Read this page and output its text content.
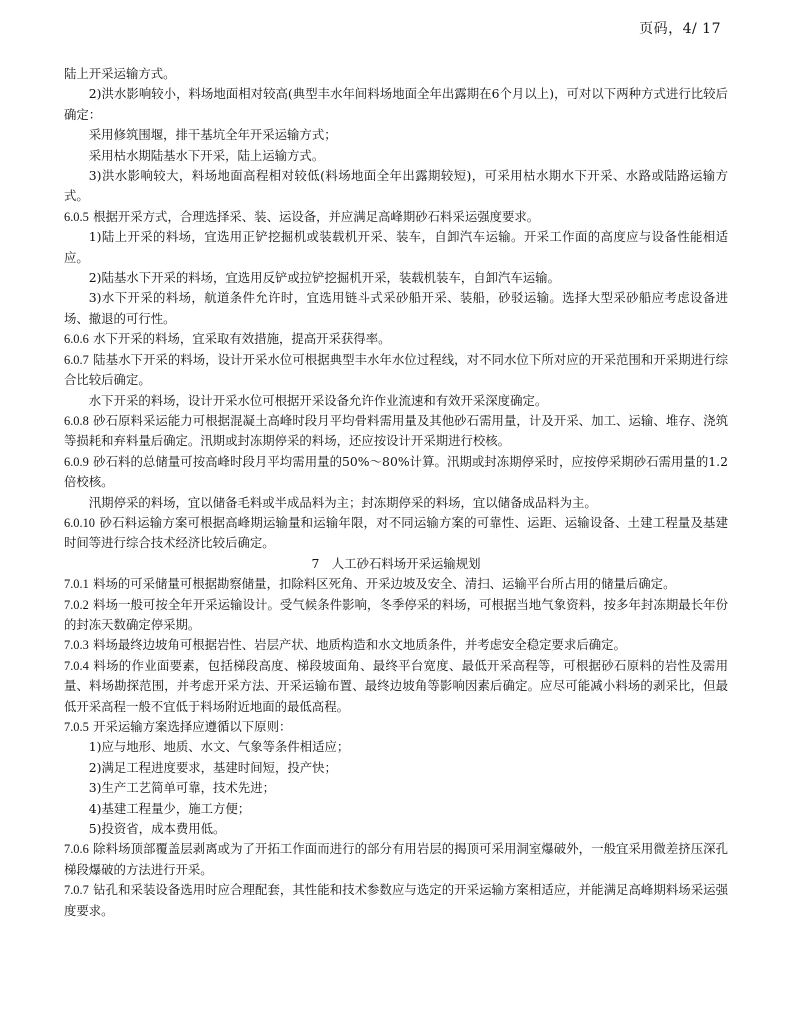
页码，4/ 17

陆上开采运输方式。

2)洪水影响较小，料场地面相对较高(典型丰水年间料场地面全年出露期在6个月以上)，可对以下两种方式进行比较后确定：

采用修筑围堰，排干基坑全年开采运输方式；

采用枯水期陆基水下开采，陆上运输方式。

3)洪水影响较大，料场地面高程相对较低(料场地面全年出露期较短)，可采用枯水期水下开采、水路或陆路运输方式。

6.0.5 根据开采方式，合理选择采、装、运设备，并应满足高峰期砂石料采运强度要求。

1)陆上开采的料场，宜选用正铲挖掘机或装载机开采、装车，自卸汽车运输。开采工作面的高度应与设备性能相适应。

2)陆基水下开采的料场，宜选用反铲或拉铲挖掘机开采，装载机装车，自卸汽车运输。

3)水下开采的料场，航道条件允许时，宜选用链斗式采砂船开采、装船，砂驳运输。选择大型采砂船应考虑设备进场、撤退的可行性。

6.0.6 水下开采的料场，宜采取有效措施，提高开采获得率。

6.0.7 陆基水下开采的料场，设计开采水位可根据典型丰水年水位过程线，对不同水位下所对应的开采范围和开采期进行综合比较后确定。

水下开采的料场，设计开采水位可根据开采设备允许作业流速和有效开采深度确定。

6.0.8 砂石原料采运能力可根据混凝土高峰时段月平均骨料需用量及其他砂石需用量，计及开采、加工、运输、堆存、浇筑等损耗和弃料量后确定。汛期或封冻期停采的料场，还应按设计开采期进行校核。

6.0.9 砂石料的总储量可按高峰时段月平均需用量的50%～80%计算。汛期或封冻期停采时，应按停采期砂石需用量的1.2倍校核。

汛期停采的料场，宜以储备毛料或半成品料为主；封冻期停采的料场，宜以储备成品料为主。

6.0.10 砂石料运输方案可根据高峰期运输量和运输年限，对不同运输方案的可靠性、运距、运输设备、土建工程量及基建时间等进行综合技术经济比较后确定。

7　人工砂石料场开采运输规划

7.0.1 料场的可采储量可根据勘察储量，扣除料区死角、开采边坡及安全、清扫、运输平台所占用的储量后确定。

7.0.2 料场一般可按全年开采运输设计。受气候条件影响，冬季停采的料场，可根据当地气象资料，按多年封冻期最长年份的封冻天数确定停采期。

7.0.3 料场最终边坡角可根据岩性、岩层产状、地质构造和水文地质条件，并考虑安全稳定要求后确定。

7.0.4 料场的作业面要素，包括梯段高度、梯段坡面角、最终平台宽度、最低开采高程等，可根据砂石原料的岩性及需用量、料场勘探范围，并考虑开采方法、开采运输布置、最终边坡角等影响因素后确定。应尽可能减小料场的剥采比，但最低开采高程一般不宜低于料场附近地面的最低高程。

7.0.5 开采运输方案选择应遵循以下原则：

1)应与地形、地质、水文、气象等条件相适应；

2)满足工程进度要求，基建时间短，投产快；

3)生产工艺简单可靠，技术先进；

4)基建工程量少，施工方便；

5)投资省，成本费用低。

7.0.6 除料场顶部覆盖层剥离或为了开拓工作面而进行的部分有用岩层的揭顶可采用洞室爆破外，一般宜采用微差挤压深孔梯段爆破的方法进行开采。

7.0.7 钻孔和采装设备选用时应合理配套，其性能和技术参数应与选定的开采运输方案相适应，并能满足高峰期料场采运强度要求。
